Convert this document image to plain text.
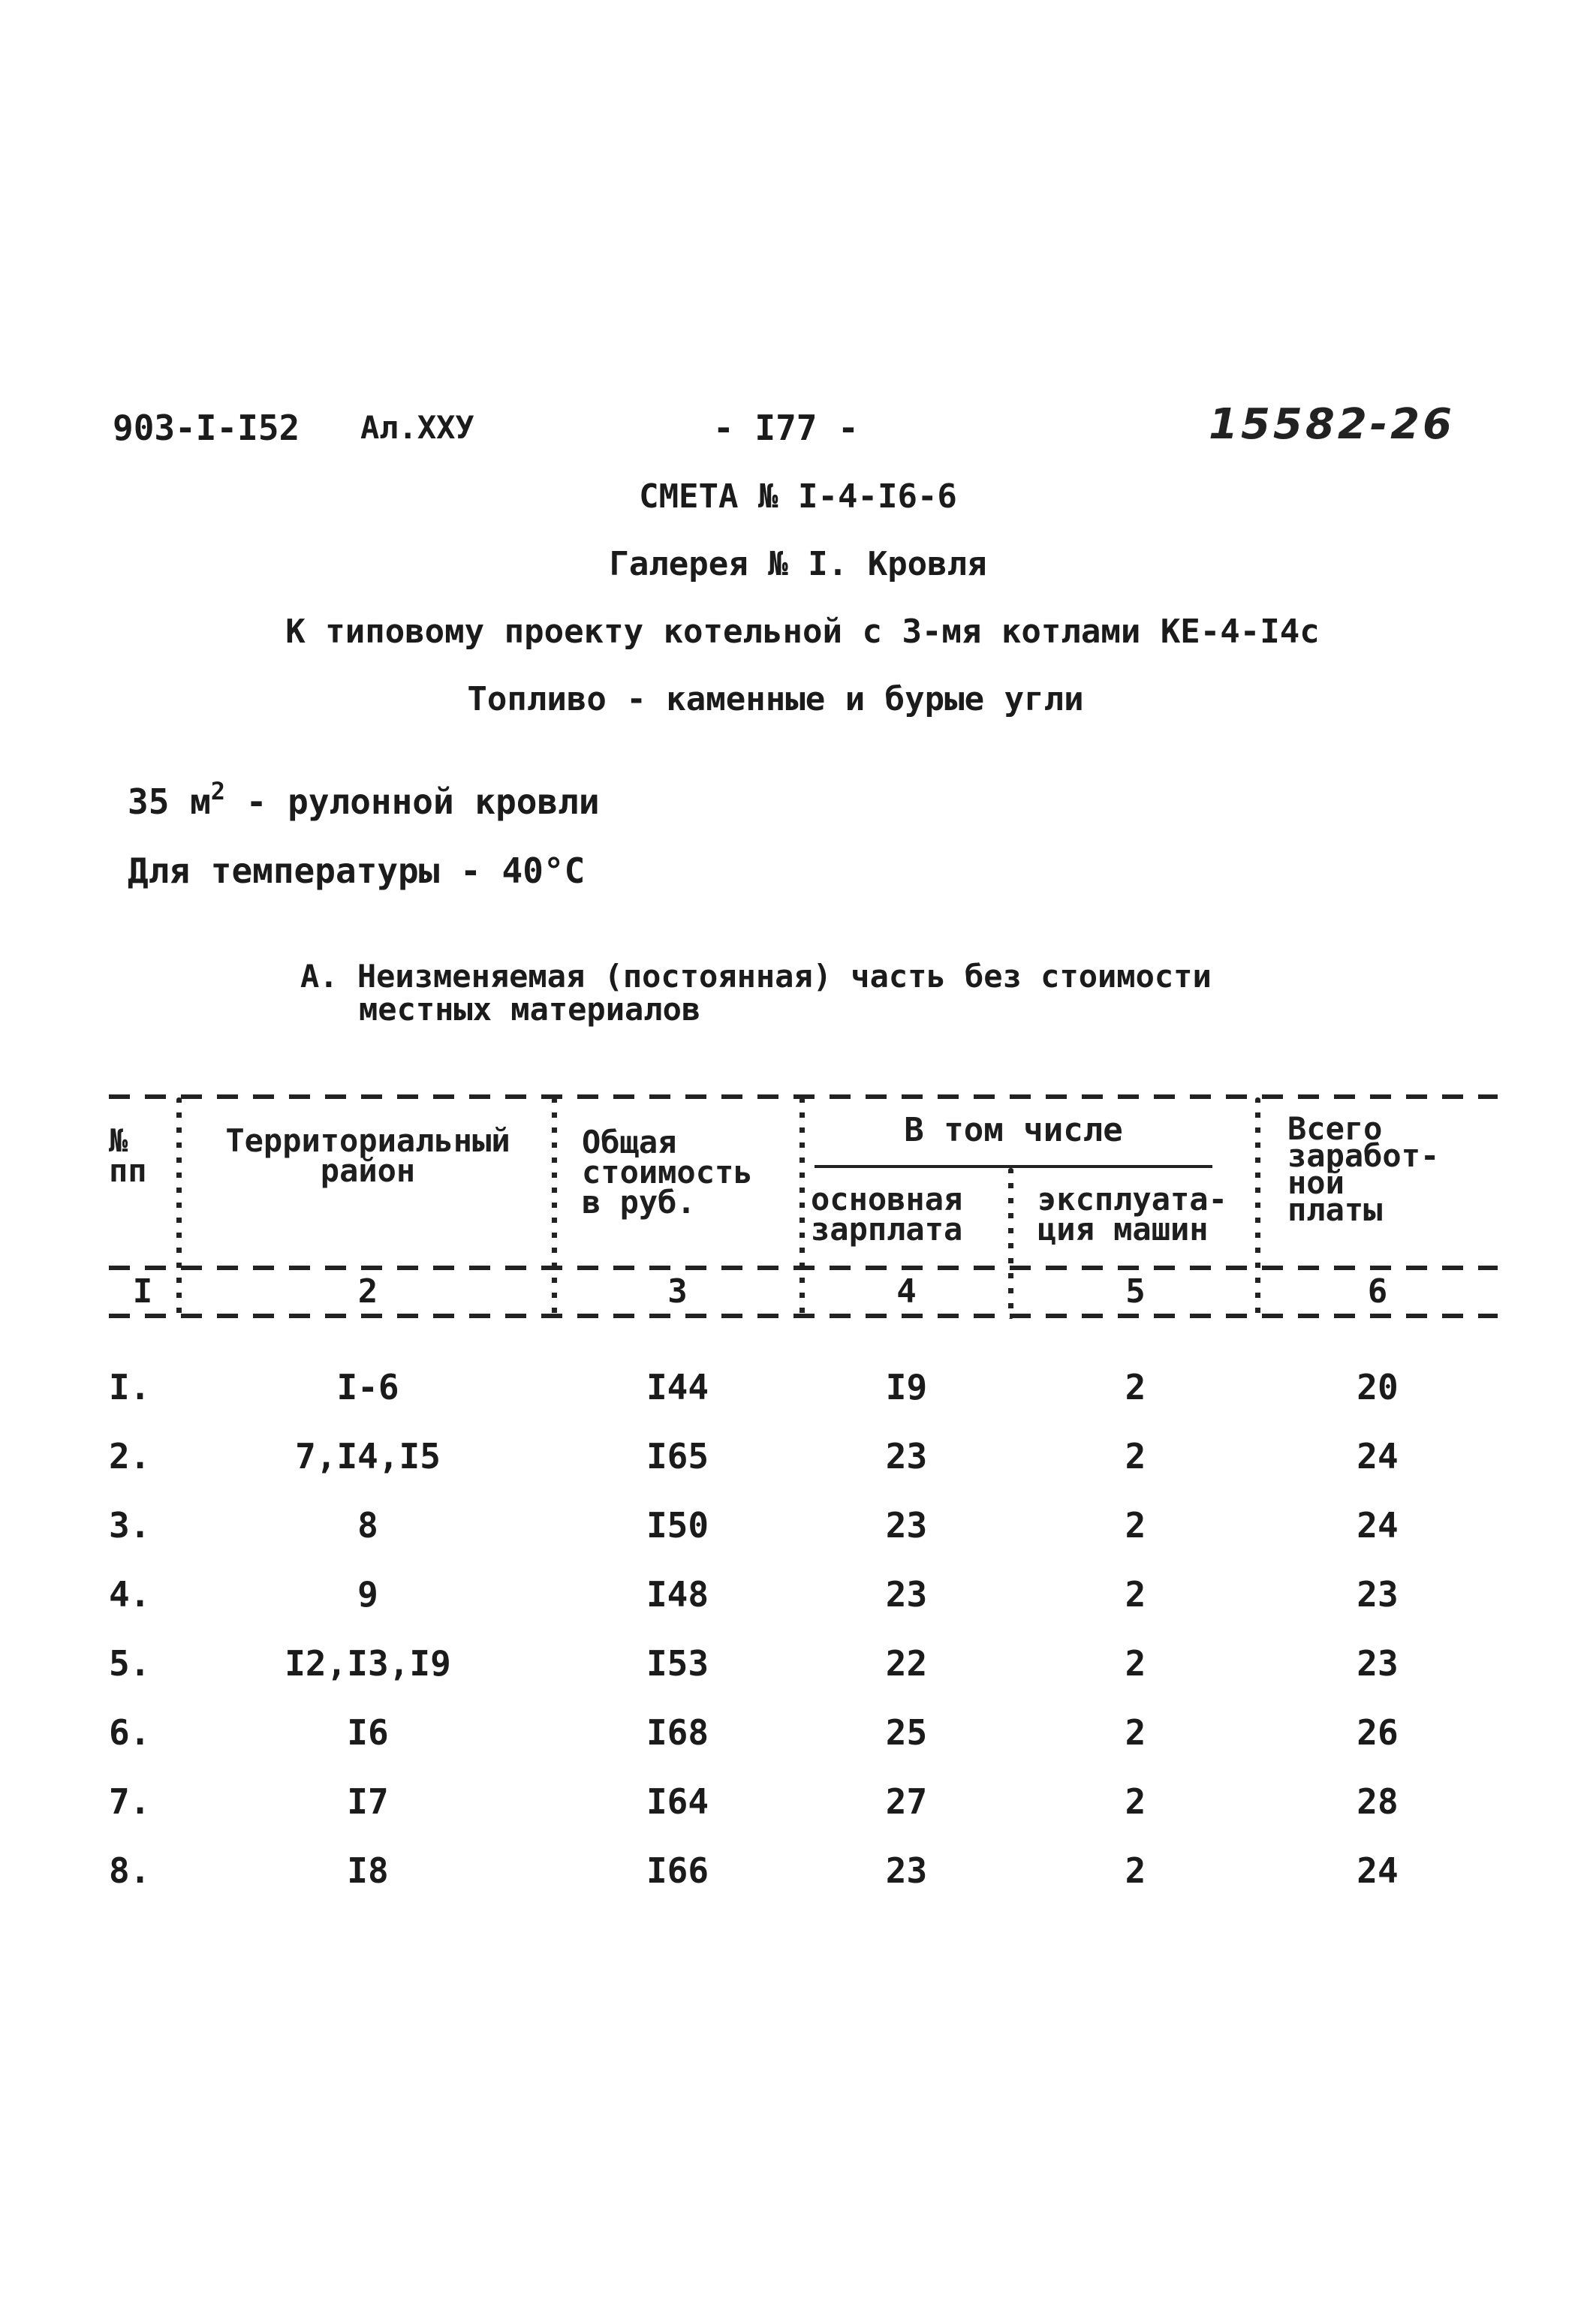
903-I-I52 Ал.ХХУ	- I77 -	15582-26
СМЕТА № I-4-I6-6
Галерея № I. Кровля
К типовому проекту котельной с 3-мя котлами КЕ-4-I4с
Топливо - каменные и бурые угли
35 $м^2$ - рулонной кровли
Для температуры - 40°С
А. Неизменяемая (постоянная) часть без стоимости
местных материалов
№
пп
Территориальный
район
Общая
стоимость
в руб.
В том числе
основная
зарплата
эксплуата-
ция машин
Всего
заработ-
ной
платы
I	2	3	4	5	6
I.	I-6	I44	I9	2	20
2.	7,I4,I5	I65	23	2	24
3.	8	I50	23	2	24
4.	9	I48	23	2	23
5.	I2,I3,I9	I53	22	2	23
6.	I6	I68	25	2	26
7.	I7	I64	27	2	28
8.	I8	I66	23	2	24
